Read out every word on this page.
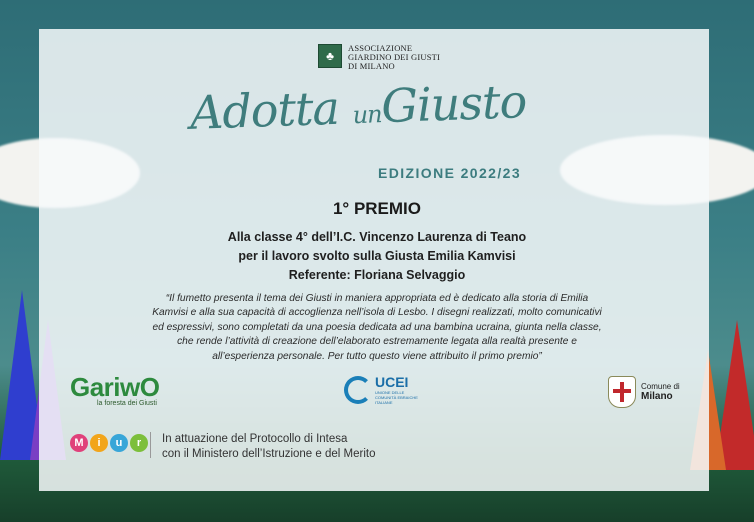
♣
ASSOCIAZIONE
GIARDINO DEI GIUSTI
DI MILANO
Adotta unGiusto
EDIZIONE 2022/23
1° PREMIO
Alla classe 4° dell’I.C. Vincenzo Laurenza di Teano
per il lavoro svolto sulla Giusta Emilia Kamvisi
Referente: Floriana Selvaggio
“Il fumetto presenta il tema dei Giusti in maniera appropriata ed è dedicato alla storia di Emilia Kamvisi e alla sua capacità di accoglienza nell’isola di Lesbo. I disegni realizzati, molto comunicativi ed espressivi, sono completati da una poesia dedicata ad una bambina ucraina, giunta nella classe, che rende l’attività di creazione dell’elaborato estremamente legata alla realtà presente e all’esperienza personale. Per tutto questo viene attribuito il primo premio”
GariwO
la foresta dei Giusti
UCEI
UNIONE DELLE COMUNITÀ EBRAICHE ITALIANE
Comune di
Milano
M	i	u	r	In attuazione del Protocollo di Intesa
con il Ministero dell’Istruzione e del Merito
